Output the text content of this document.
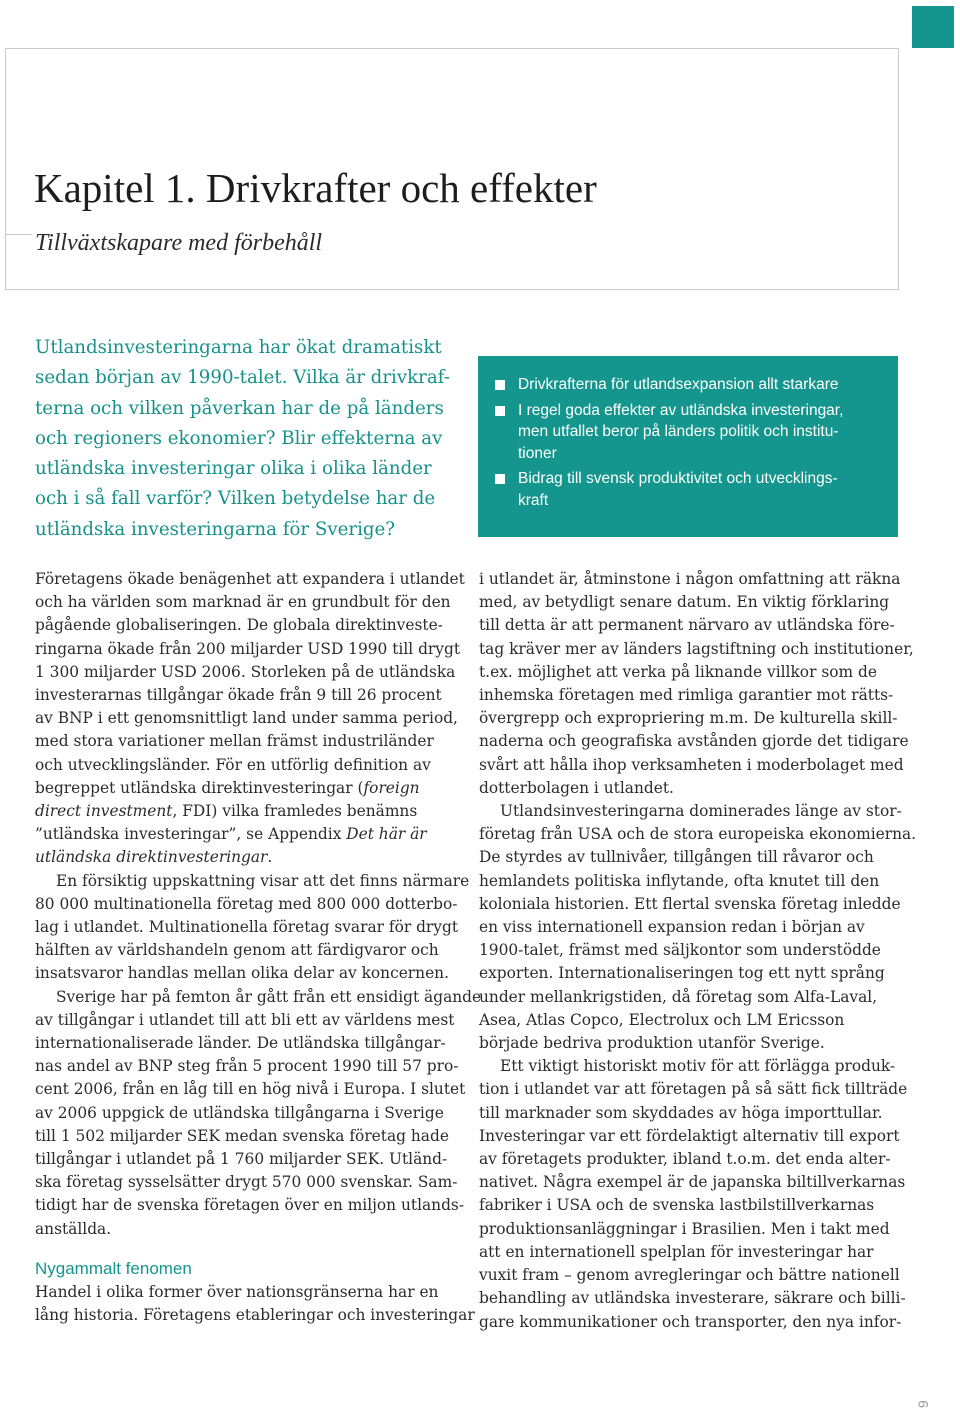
Kapitel 1. Drivkrafter och effekter

Tillväxtskapare med förbehåll

Utlandsinvesteringarna har ökat dramatiskt
sedan början av 1990-talet. Vilka är drivkraf-
terna och vilken påverkan har de på länders
och regioners ekonomier? Blir effekterna av
utländska investeringar olika i olika länder
och i så fall varför? Vilken betydelse har de
utländska investeringarna för Sverige?
Drivkrafterna för utlandsexpansion allt starkare
I regel goda effekter av utländska investeringar,
men utfallet beror på länders politik och institu-
tioner
Bidrag till svensk produktivitet och utvecklings-
kraft
Företagens ökade benägenhet att expandera i utlandet
och ha världen som marknad är en grundbult för den
pågående globaliseringen. De globala direktinveste-
ringarna ökade från 200 miljarder USD 1990 till drygt
1 300 miljarder USD 2006. Storleken på de utländska
investerarnas tillgångar ökade från 9 till 26 procent
av BNP i ett genomsnittligt land under samma period,
med stora variationer mellan främst industriländer
och utvecklingsländer. För en utförlig definition av
begreppet utländska direktinvesteringar (foreign
direct investment, FDI) vilka framledes benämns
”utländska investeringar”, se Appendix Det här är
utländska direktinvesteringar.
En försiktig uppskattning visar att det finns närmare
80 000 multinationella företag med 800 000 dotterbo-
lag i utlandet. Multinationella företag svarar för drygt
hälften av världshandeln genom att färdigvaror och
insatsvaror handlas mellan olika delar av koncernen.
Sverige har på femton år gått från ett ensidigt ägande
av tillgångar i utlandet till att bli ett av världens mest
internationaliserade länder. De utländska tillgångar-
nas andel av BNP steg från 5 procent 1990 till 57 pro-
cent 2006, från en låg till en hög nivå i Europa. I slutet
av 2006 uppgick de utländska tillgångarna i Sverige
till 1 502 miljarder SEK medan svenska företag hade
tillgångar i utlandet på 1 760 miljarder SEK. Utländ-
ska företag sysselsätter drygt 570 000 svenskar. Sam-
tidigt har de svenska företagen över en miljon utlands-
anställda.
Nygammalt fenomen
Handel i olika former över nationsgränserna har en
lång historia. Företagens etableringar och investeringar
i utlandet är, åtminstone i någon omfattning att räkna
med, av betydligt senare datum. En viktig förklaring
till detta är att permanent närvaro av utländska före-
tag kräver mer av länders lagstiftning och institutioner,
t.ex. möjlighet att verka på liknande villkor som de
inhemska företagen med rimliga garantier mot rätts-
övergrepp och expropriering m.m. De kulturella skill-
naderna och geografiska avstånden gjorde det tidigare
svårt att hålla ihop verksamheten i moderbolaget med
dotterbolagen i utlandet.
Utlandsinvesteringarna dominerades länge av stor-
företag från USA och de stora europeiska ekonomierna.
De styrdes av tullnivåer, tillgången till råvaror och
hemlandets politiska inflytande, ofta knutet till den
koloniala historien. Ett flertal svenska företag inledde
en viss internationell expansion redan i början av
1900-talet, främst med säljkontor som understödde
exporten. Internationaliseringen tog ett nytt språng
under mellankrigstiden, då företag som Alfa-Laval,
Asea, Atlas Copco, Electrolux och LM Ericsson
började bedriva produktion utanför Sverige.
Ett viktigt historiskt motiv för att förlägga produk-
tion i utlandet var att företagen på så sätt fick tillträde
till marknader som skyddades av höga importtullar.
Investeringar var ett fördelaktigt alternativ till export
av företagets produkter, ibland t.o.m. det enda alter-
nativet. Några exempel är de japanska biltillverkarnas
fabriker i USA och de svenska lastbilstillverkarnas
produktionsanläggningar i Brasilien. Men i takt med
att en internationell spelplan för investeringar har
vuxit fram – genom avregleringar och bättre nationell
behandling av utländska investerare, säkrare och billi-
gare kommunikationer och transporter, den nya infor-

9
